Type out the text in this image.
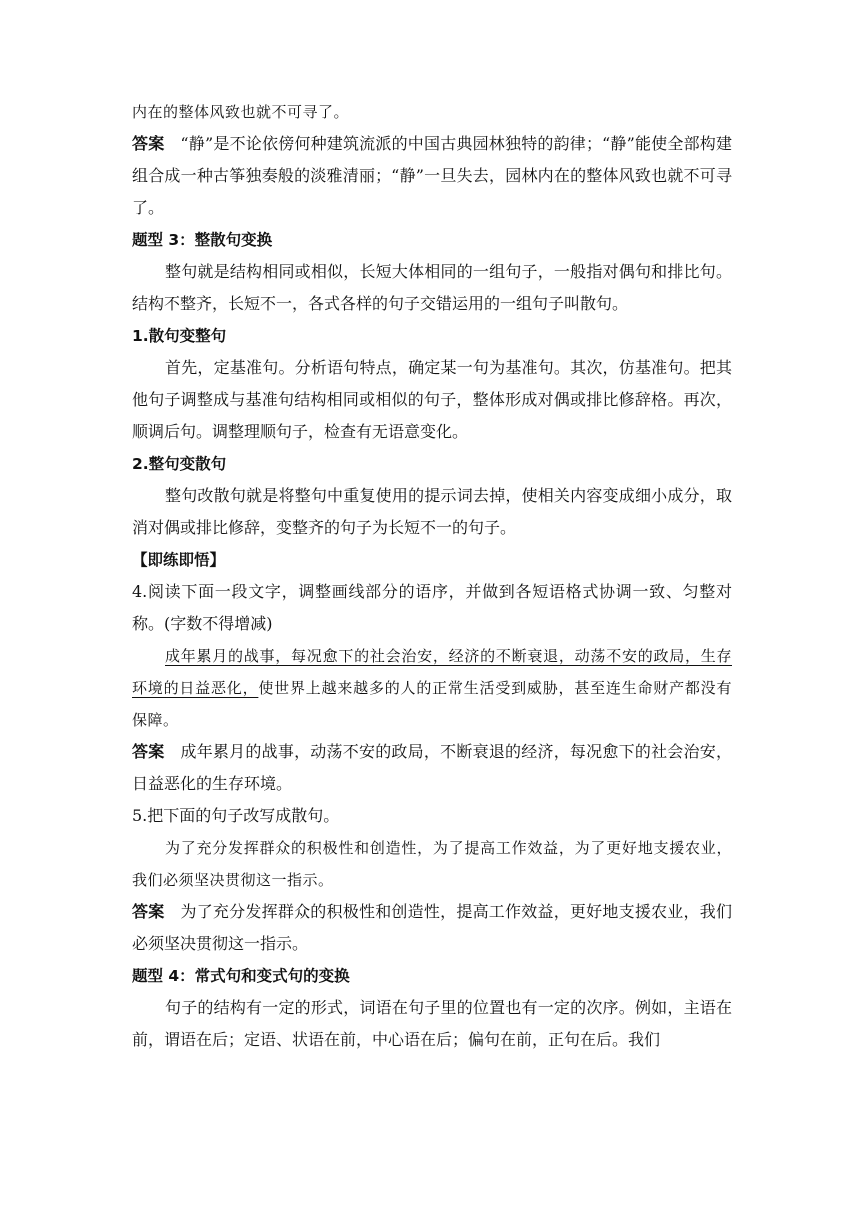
内在的整体风致也就不可寻了。

答案 “静”是不论依傍何种建筑流派的中国古典园林独特的韵律；“静”能使全部构建组合成一种古筝独奏般的淡雅清丽；“静”一旦失去，园林内在的整体风致也就不可寻了。

题型 3：整散句变换

整句就是结构相同或相似，长短大体相同的一组句子，一般指对偶句和排比句。结构不整齐，长短不一，各式各样的句子交错运用的一组句子叫散句。

1.散句变整句

首先，定基准句。分析语句特点，确定某一句为基准句。其次，仿基准句。把其他句子调整成与基准句结构相同或相似的句子，整体形成对偶或排比修辞格。再次，顺调后句。调整理顺句子，检查有无语意变化。

2.整句变散句

整句改散句就是将整句中重复使用的提示词去掉，使相关内容变成细小成分，取消对偶或排比修辞，变整齐的句子为长短不一的句子。

【即练即悟】

4.阅读下面一段文字，调整画线部分的语序，并做到各短语格式协调一致、匀整对称。(字数不得增减)

成年累月的战事，每况愈下的社会治安，经济的不断衰退，动荡不安的政局，生存环境的日益恶化，使世界上越来越多的人的正常生活受到威胁，甚至连生命财产都没有保障。

答案 成年累月的战事，动荡不安的政局，不断衰退的经济，每况愈下的社会治安，日益恶化的生存环境。

5.把下面的句子改写成散句。

为了充分发挥群众的积极性和创造性，为了提高工作效益，为了更好地支援农业，我们必须坚决贯彻这一指示。

答案 为了充分发挥群众的积极性和创造性，提高工作效益，更好地支援农业，我们必须坚决贯彻这一指示。

题型 4：常式句和变式句的变换

句子的结构有一定的形式，词语在句子里的位置也有一定的次序。例如，主语在前，谓语在后；定语、状语在前，中心语在后；偏句在前，正句在后。我们
